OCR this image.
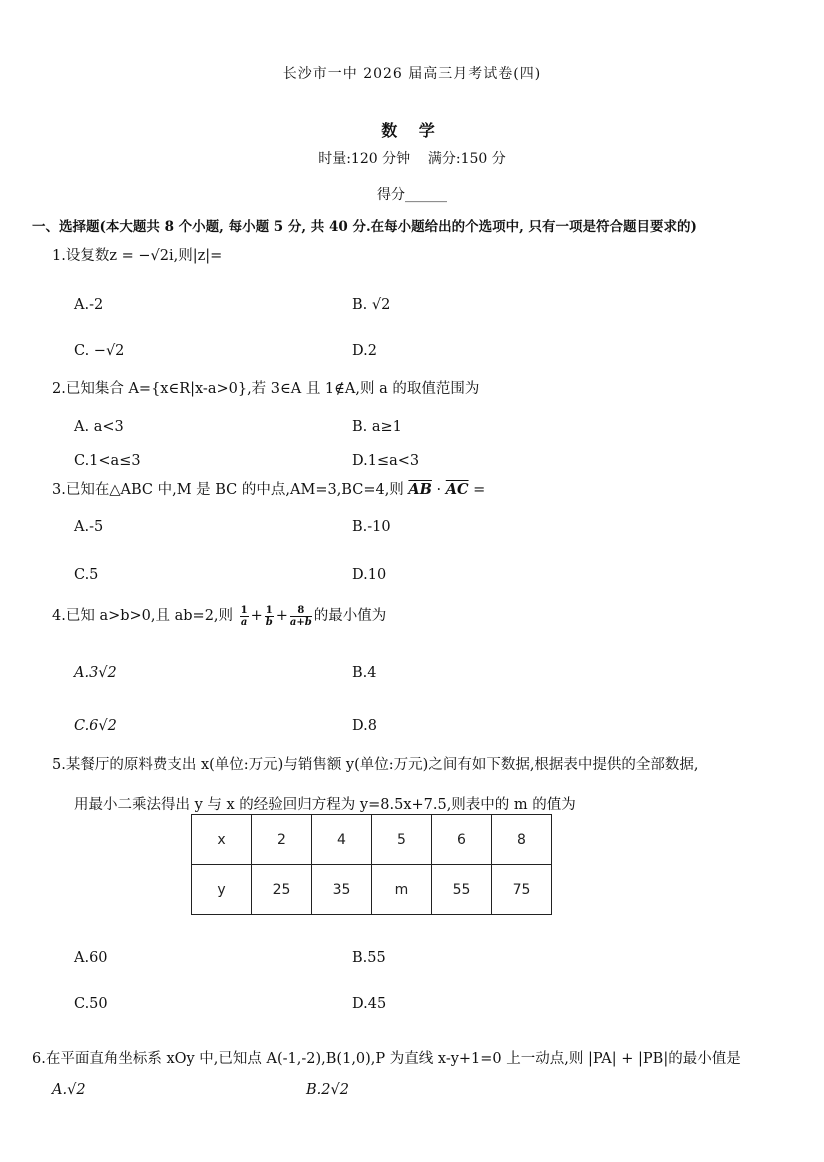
长沙市一中 2026 届高三月考试卷(四)
数 学
时量:120 分钟    满分:150 分
得分______
一、选择题(本大题共 8 个小题, 每小题 5 分, 共 40 分.在每小题给出的个选项中, 只有一项是符合题目要求的)
1.设复数z = −√2i,则|z|=
A.-2	B. √2
C. −√2	D.2
2.已知集合 A={x∈R|x-a>0},若 3∈A 且 1∉A,则 a 的取值范围为
A. a<3	B. a≥1
C.1<a≤3	D.1≤a<3
3.已知在△ABC 中,M 是 BC 的中点,AM=3,BC=4,则 $\overline{AB} \cdot \overline{AC}$ =
A.-5	B.-10
C.5	D.10
4.已知 a>b>0,且 ab=2,则 $\frac{1}{a} + \frac{1}{b} + \frac{8}{a+b}$ 的最小值为
A.3√2	B.4
C.6√2	D.8
5.某餐厅的原料费支出 x(单位:万元)与销售额 y(单位:万元)之间有如下数据,根据表中提供的全部数据,
用最小二乘法得出 y 与 x 的经验回归方程为 y=8.5x+7.5,则表中的 m 的值为
x	2	4	5	6	8
y	25	35	m	55	75
A.60	B.55
C.50	D.45
6.在平面直角坐标系 xOy 中,已知点 A(-1,-2),B(1,0),P 为直线 x-y+1=0 上一动点,则 |PA| + |PB|的最小值是
A.√2	B.2√2
